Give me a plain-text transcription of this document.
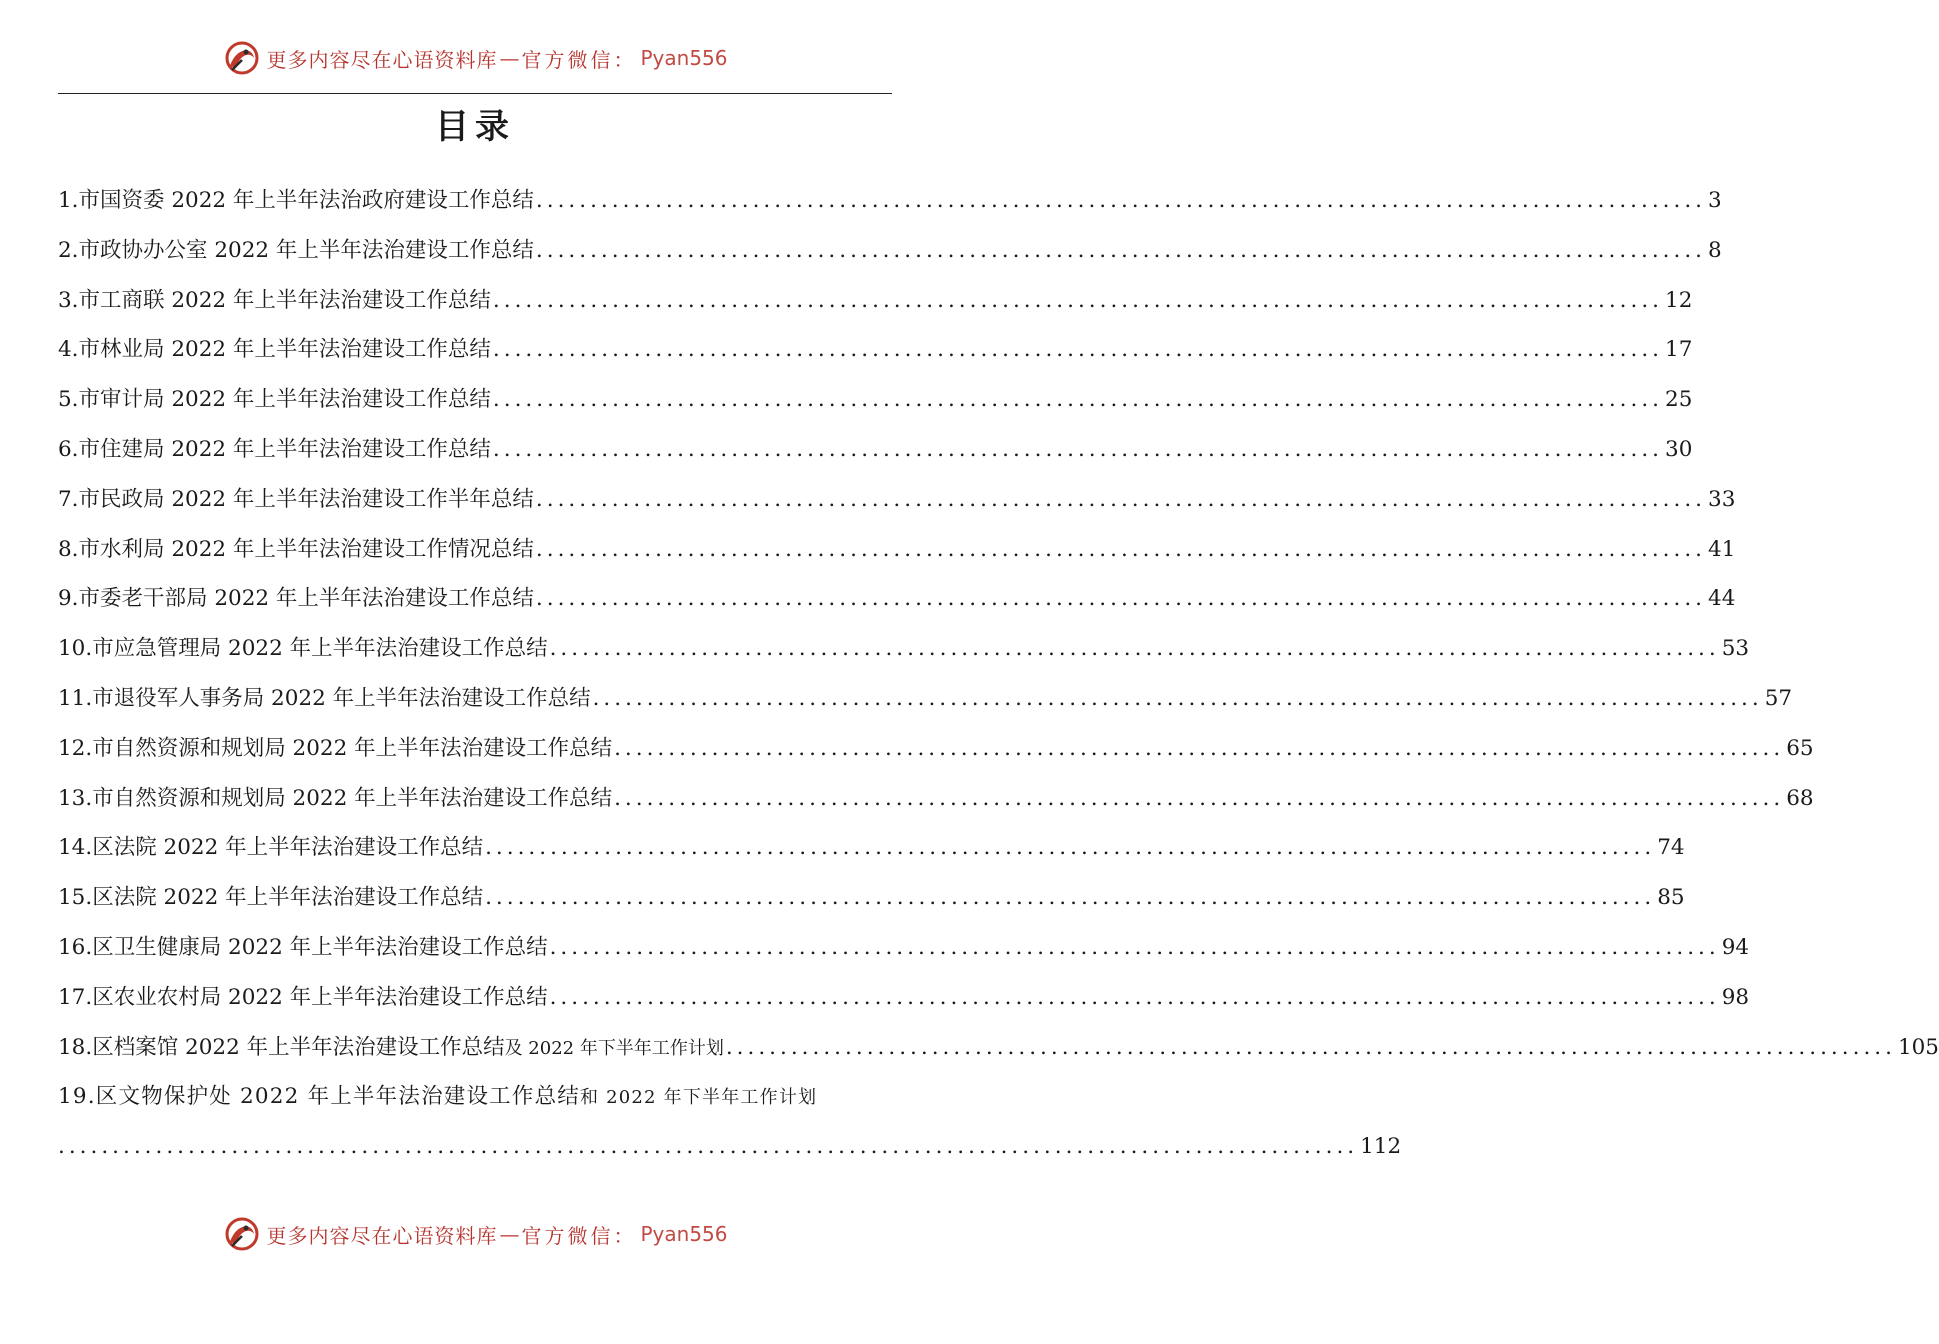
更多内容尽在心语资料库 — 官方微信： Pyan556
目录
1.市国资委 2022 年上半年法治政府建设工作总结 ............................................................................................................ 3
2.市政协办公室 2022 年上半年法治建设工作总结 ............................................................................................................ 8
3.市工商联 2022 年上半年法治建设工作总结 ............................................................................................................ 12
4.市林业局 2022 年上半年法治建设工作总结 ............................................................................................................ 17
5.市审计局 2022 年上半年法治建设工作总结 ............................................................................................................ 25
6.市住建局 2022 年上半年法治建设工作总结 ............................................................................................................ 30
7.市民政局 2022 年上半年法治建设工作半年总结 ............................................................................................................ 33
8.市水利局 2022 年上半年法治建设工作情况总结 ............................................................................................................ 41
9.市委老干部局 2022 年上半年法治建设工作总结 ............................................................................................................ 44
10.市应急管理局 2022 年上半年法治建设工作总结 ............................................................................................................ 53
11.市退役军人事务局 2022 年上半年法治建设工作总结 ............................................................................................................ 57
12.市自然资源和规划局 2022 年上半年法治建设工作总结 ............................................................................................................ 65
13.市自然资源和规划局 2022 年上半年法治建设工作总结 ............................................................................................................ 68
14.区法院 2022 年上半年法治建设工作总结 ............................................................................................................ 74
15.区法院 2022 年上半年法治建设工作总结 ............................................................................................................ 85
16.区卫生健康局 2022 年上半年法治建设工作总结 ............................................................................................................ 94
17.区农业农村局 2022 年上半年法治建设工作总结 ............................................................................................................ 98
18.区档案馆 2022 年上半年法治建设工作总结及 2022 年下半年工作计划 ............................................................................................................ 105
19.区文物保护处 2022 年上半年法治建设工作总结和 2022 年下半年工作计划
........................................................................................................................ 112
更多内容尽在心语资料库 — 官方微信： Pyan556
